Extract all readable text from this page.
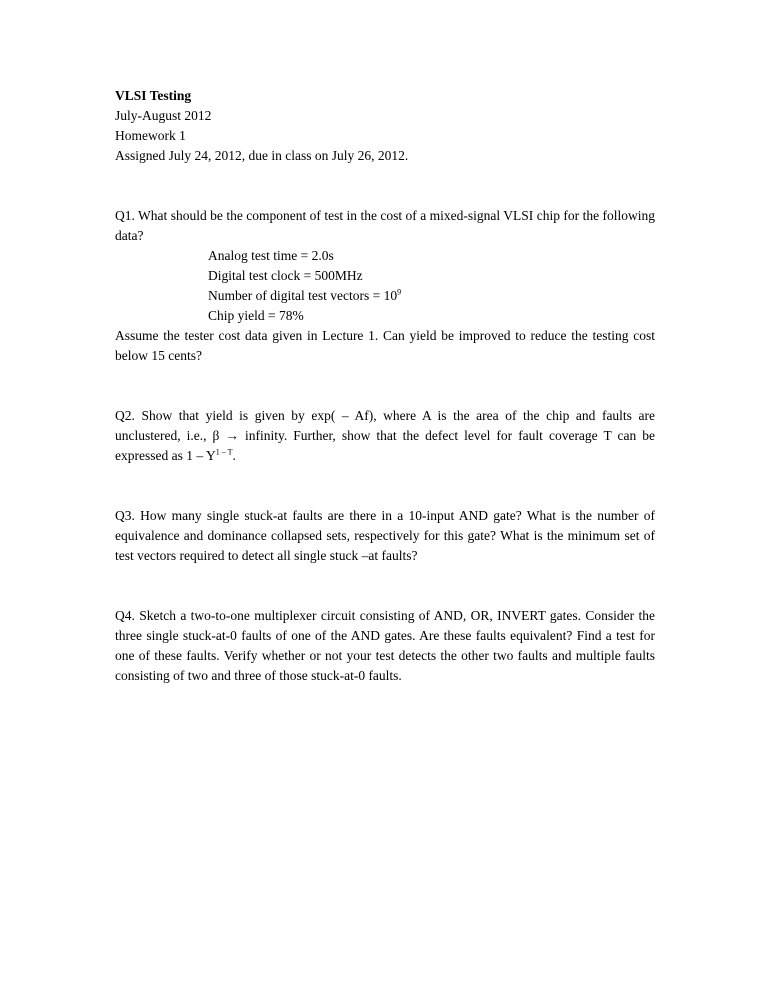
VLSI Testing

July-August 2012

Homework 1

Assigned July 24, 2012, due in class on July 26, 2012.

Q1. What should be the component of test in the cost of a mixed-signal VLSI chip for the following data?

Analog test time = 2.0s
Digital test clock = 500MHz
Number of digital test vectors = $10^9$
Chip yield = 78%

Assume the tester cost data given in Lecture 1. Can yield be improved to reduce the testing cost below 15 cents?

Q2. Show that yield is given by exp( – Af), where A is the area of the chip and faults are unclustered, i.e., β → infinity. Further, show that the defect level for fault coverage T can be expressed as $1 - Y^{1 - T}$.

Q3. How many single stuck-at faults are there in a 10-input AND gate? What is the number of equivalence and dominance collapsed sets, respectively for this gate? What is the minimum set of test vectors required to detect all single stuck –at faults?

Q4. Sketch a two-to-one multiplexer circuit consisting of AND, OR, INVERT gates. Consider the three single stuck-at-0 faults of one of the AND gates. Are these faults equivalent? Find a test for one of these faults. Verify whether or not your test detects the other two faults and multiple faults consisting of two and three of those stuck-at-0 faults.
